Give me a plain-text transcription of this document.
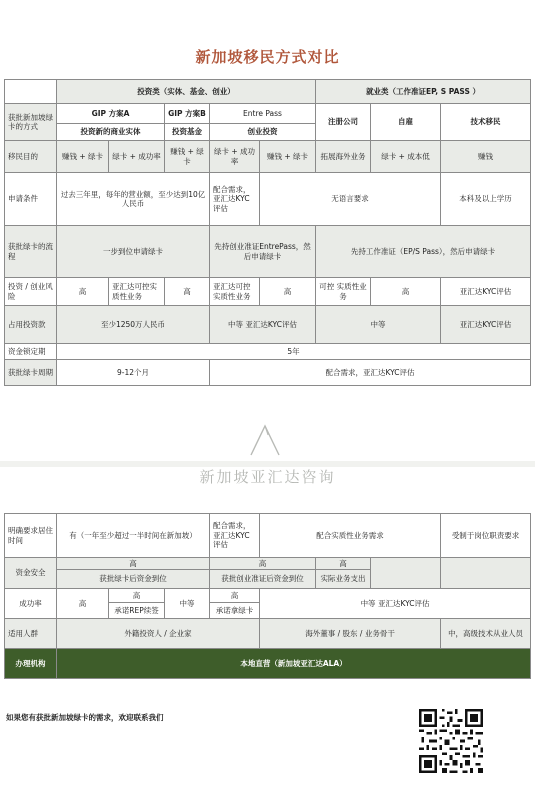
新加坡移民方式对比
	投资类（实体、基金、创业）					就业类（工作准证EP, S PASS ）		
获批新加坡绿卡的方式	GIP 方案A		GIP 方案B	Entre Pass		注册公司	自雇	技术移民
	投资新的商业实体		投资基金	创业投资				
移民目的	赚钱 + 绿卡	绿卡 + 成功率	赚钱 + 绿卡	绿卡 + 成功率	赚钱 + 绿卡	拓展海外业务	绿卡 + 成本低	赚钱
申请条件	过去三年里，每年的营业额，至少达到10亿人民币			配合需求，亚汇达KYC评估	无语言要求			本科及以上学历
获批绿卡的流程	一步到位申请绿卡			先持创业准证EntrePass，然后申请绿卡		先持工作准证（EP/S Pass），然后申请绿卡		
投资 / 创业风险	高	亚汇达可控实质性业务	高	亚汇达可控实质性业务	高	可控 实质性业务	高	亚汇达KYC评估
占用投资款	至少1250万人民币			中等 亚汇达KYC评估		中等		亚汇达KYC评估
资金锁定期	5年							
获批绿卡周期	9-12个月			配合需求，亚汇达KYC评估				
新加坡亚汇达咨询
明确要求居住时间	有（一年至少超过一半时间在新加坡）			配合需求，亚汇达KYC评估	配合实质性业务需求			受制于岗位职责要求
资金安全	高			高		高		
	获批绿卡后资金到位			获批创业准证后资金到位		实际业务支出		
成功率	高	高	中等	高	中等 亚汇达KYC评估			
		承诺REP续签		承诺拿绿卡				
适用人群	外籍投资人 / 企业家				海外董事 / 股东 / 业务骨干			中，高级技术从业人员
办理机构	本地直营（新加坡亚汇达ALA）							
如果您有获批新加坡绿卡的需求，欢迎联系我们
